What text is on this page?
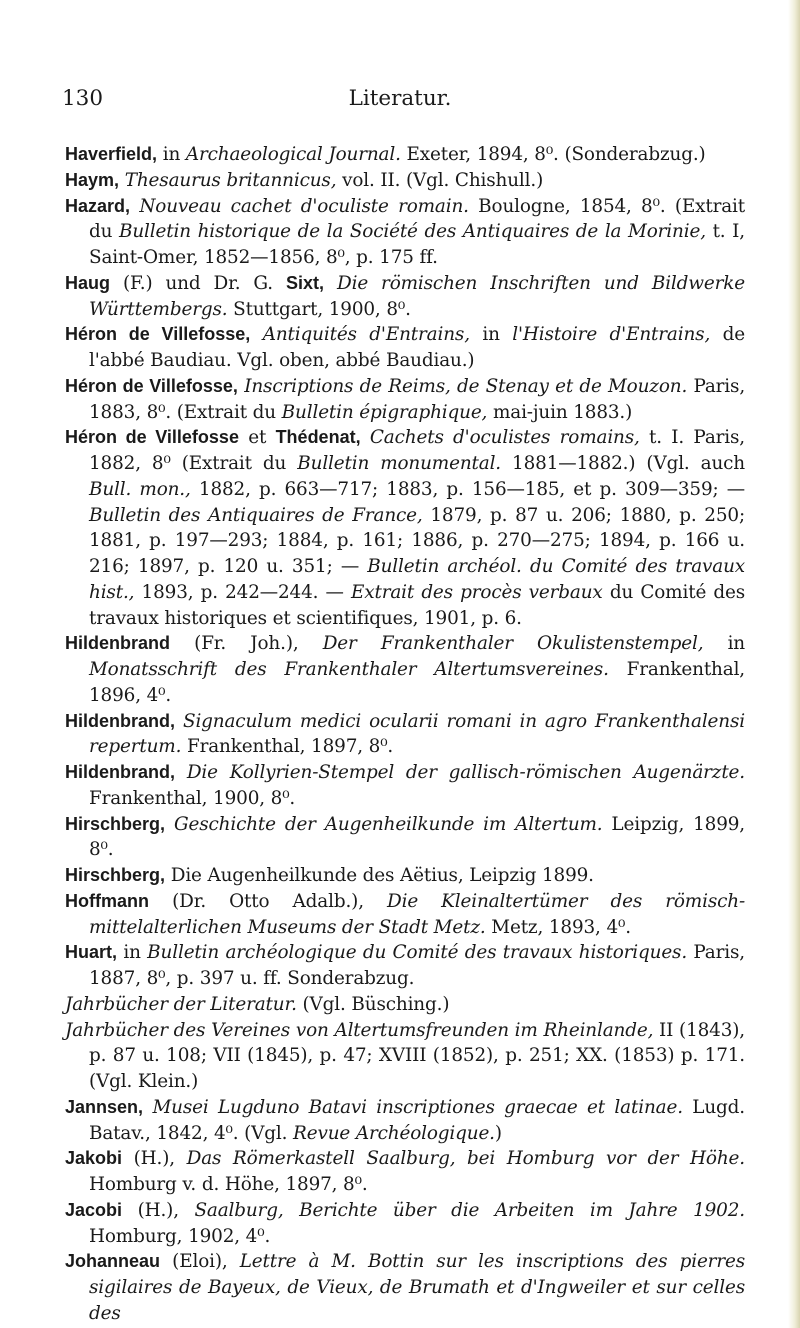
130	Literatur.

Haverfield, in Archaeological Journal. Exeter, 1894, 8⁰. (Sonderabzug.)

Haym, Thesaurus britannicus, vol. II. (Vgl. Chishull.)

Hazard, Nouveau cachet d'oculiste romain. Boulogne, 1854, 8⁰. (Extrait du Bulletin historique de la Société des Antiquaires de la Morinie, t. I, Saint-Omer, 1852—1856, 8⁰, p. 175 ff.

Haug (F.) und Dr. G. Sixt, Die römischen Inschriften und Bildwerke Württembergs. Stuttgart, 1900, 8⁰.

Héron de Villefosse, Antiquités d'Entrains, in l'Histoire d'Entrains, de l'abbé Baudiau. Vgl. oben, abbé Baudiau.)

Héron de Villefosse, Inscriptions de Reims, de Stenay et de Mouzon. Paris, 1883, 8⁰. (Extrait du Bulletin épigraphique, mai-juin 1883.)

Héron de Villefosse et Thédenat, Cachets d'oculistes romains, t. I. Paris, 1882, 8⁰ (Extrait du Bulletin monumental. 1881—1882.) (Vgl. auch Bull. mon., 1882, p. 663—717; 1883, p. 156—185, et p. 309—359; — Bulletin des Antiquaires de France, 1879, p. 87 u. 206; 1880, p. 250; 1881, p. 197—293; 1884, p. 161; 1886, p. 270—275; 1894, p. 166 u. 216; 1897, p. 120 u. 351; — Bulletin archéol. du Comité des travaux hist., 1893, p. 242—244. — Extrait des procès verbaux du Comité des travaux historiques et scientifiques, 1901, p. 6.

Hildenbrand (Fr. Joh.), Der Frankenthaler Okulistenstempel, in Monatsschrift des Frankenthaler Altertumsvereines. Frankenthal, 1896, 4⁰.

Hildenbrand, Signaculum medici ocularii romani in agro Frankenthalensi repertum. Frankenthal, 1897, 8⁰.

Hildenbrand, Die Kollyrien-Stempel der gallisch-römischen Augenärzte. Frankenthal, 1900, 8⁰.

Hirschberg, Geschichte der Augenheilkunde im Altertum. Leipzig, 1899, 8⁰.

Hirschberg, Die Augenheilkunde des Aëtius, Leipzig 1899.

Hoffmann (Dr. Otto Adalb.), Die Kleinaltertümer des römisch-mittelalterlichen Museums der Stadt Metz. Metz, 1893, 4⁰.

Huart, in Bulletin archéologique du Comité des travaux historiques. Paris, 1887, 8⁰, p. 397 u. ff. Sonderabzug.

Jahrbücher der Literatur. (Vgl. Büsching.)

Jahrbücher des Vereines von Altertumsfreunden im Rheinlande, II (1843), p. 87 u. 108; VII (1845), p. 47; XVIII (1852), p. 251; XX. (1853) p. 171. (Vgl. Klein.)

Jannsen, Musei Lugduno Batavi inscriptiones graecae et latinae. Lugd. Batav., 1842, 4⁰. (Vgl. Revue Archéologique.)

Jakobi (H.), Das Römerkastell Saalburg, bei Homburg vor der Höhe. Homburg v. d. Höhe, 1897, 8⁰.

Jacobi (H.), Saalburg, Berichte über die Arbeiten im Jahre 1902. Homburg, 1902, 4⁰.

Johanneau (Eloi), Lettre à M. Bottin sur les inscriptions des pierres sigilaires de Bayeux, de Vieux, de Brumath et d'Ingweiler et sur celles des
